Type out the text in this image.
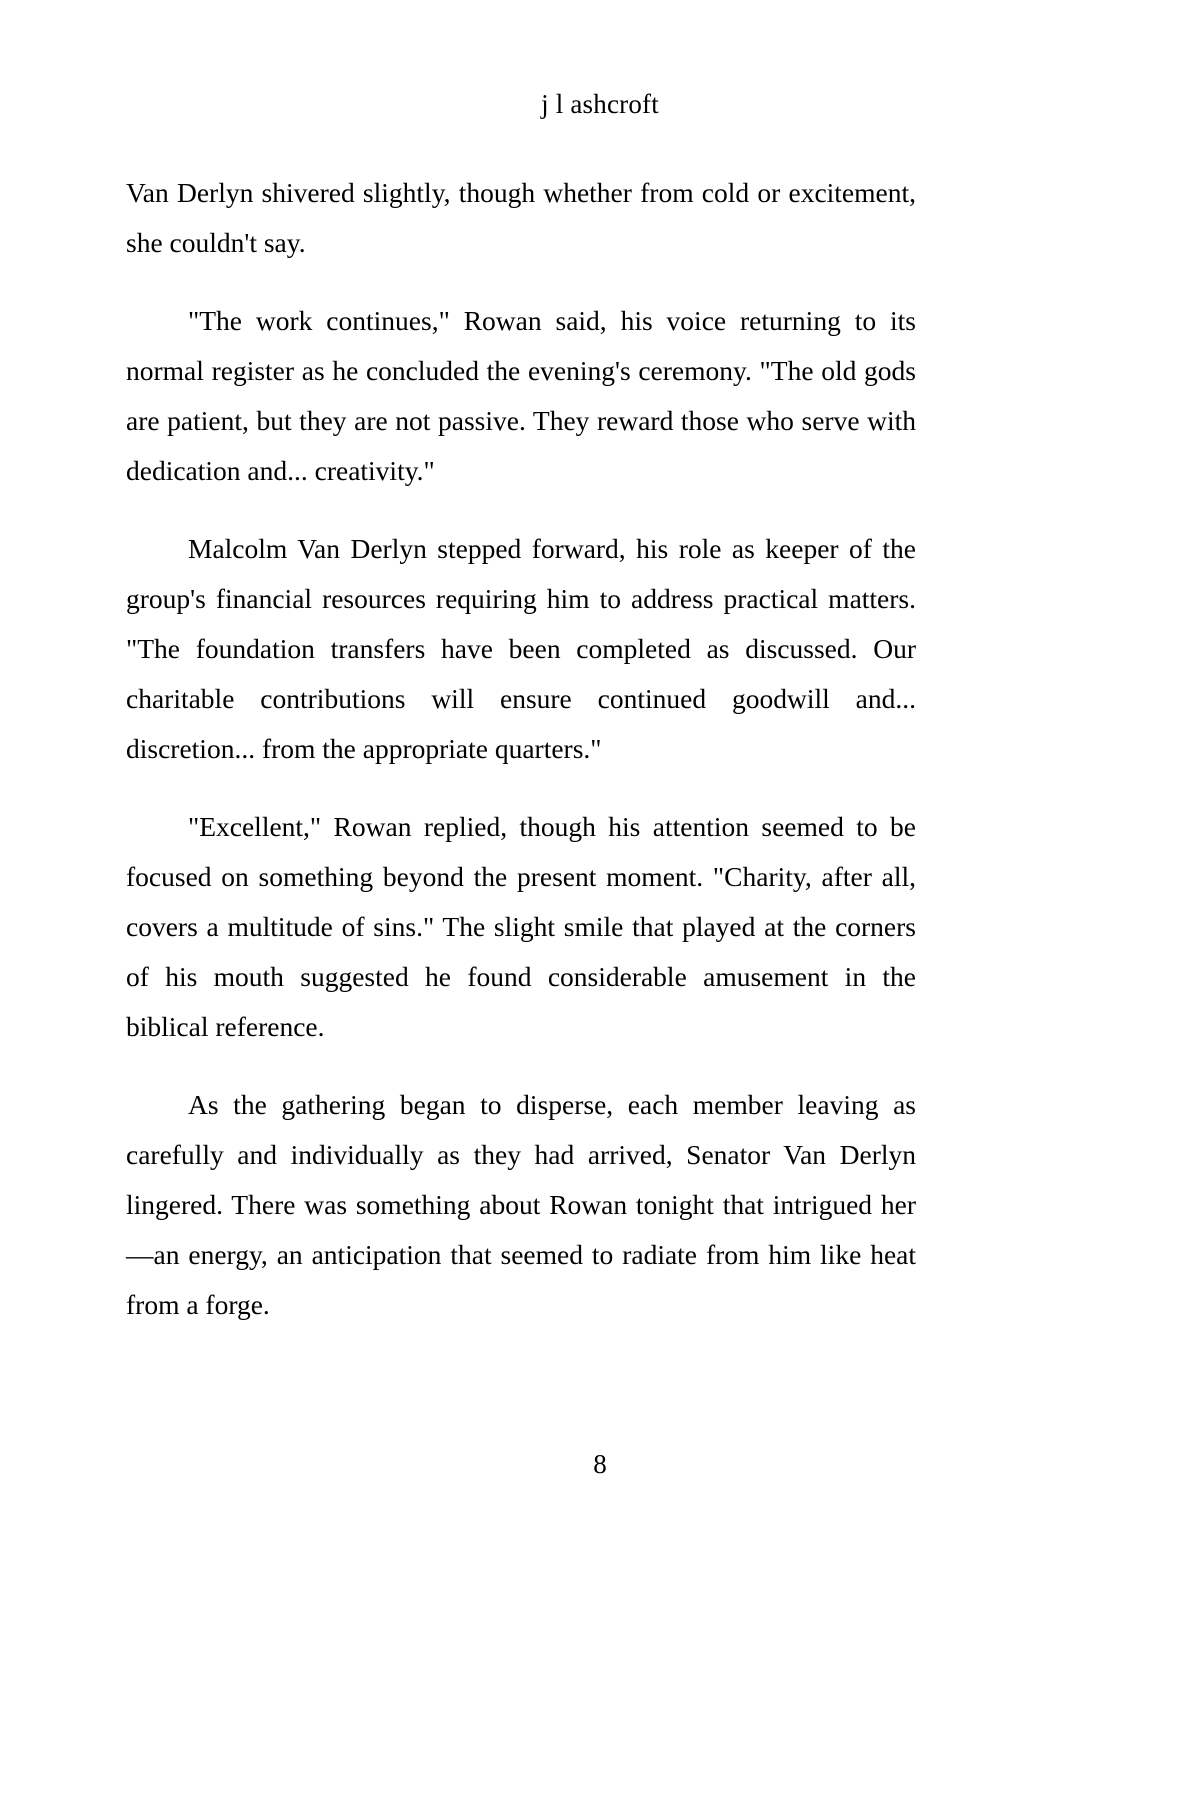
j l ashcroft

Van Derlyn shivered slightly, though whether from cold or excitement, she couldn't say.

"The work continues," Rowan said, his voice returning to its normal register as he concluded the evening's ceremony. "The old gods are patient, but they are not passive. They reward those who serve with dedication and... creativity."

Malcolm Van Derlyn stepped forward, his role as keeper of the group's financial resources requiring him to address practical matters. "The foundation transfers have been completed as discussed. Our charitable contributions will ensure continued goodwill and... discretion... from the appropriate quarters."

"Excellent," Rowan replied, though his attention seemed to be focused on something beyond the present moment. "Charity, after all, covers a multitude of sins." The slight smile that played at the corners of his mouth suggested he found considerable amusement in the biblical reference.

As the gathering began to disperse, each member leaving as carefully and individually as they had arrived, Senator Van Derlyn lingered. There was something about Rowan tonight that intrigued her—an energy, an anticipation that seemed to radiate from him like heat from a forge.

8
